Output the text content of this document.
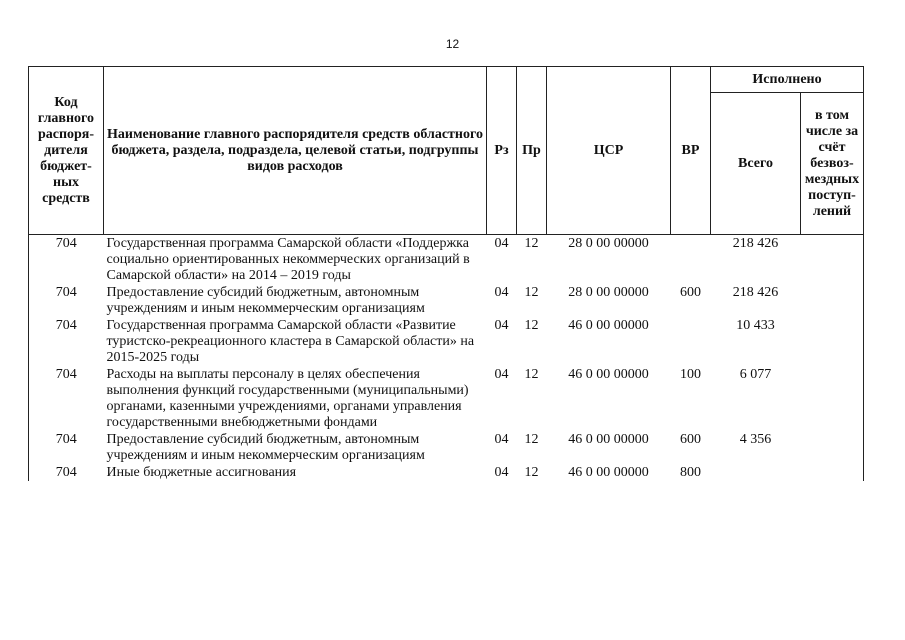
12
Код главного распоря-дителя бюджет-ных средств	Наименование главного распорядителя средств областного бюджета, раздела, подраздела, целевой статьи, подгруппы видов расходов	Рз	Пр	ЦСР	ВР	Исполнено	
						Всего	в том числе за счёт безвоз-мездных поступ-лений
704	Государственная программа Самарской области «Поддержка социально ориентированных некоммерческих организаций в Самарской области» на 2014 – 2019 годы	04	12	28 0 00 00000		218 426	
704	Предоставление субсидий бюджетным, автономным учреждениям и иным некоммерческим организациям	04	12	28 0 00 00000	600	218 426	
704	Государственная программа Самарской области «Развитие туристско-рекреационного кластера в Самарской области» на 2015-2025 годы	04	12	46 0 00 00000		10 433	
704	Расходы на выплаты персоналу в целях обеспечения выполнения функций государственными (муниципальными) органами, казенными учреждениями, органами управления государственными внебюджетными фондами	04	12	46 0 00 00000	100	6 077	
704	Предоставление субсидий бюджетным, автономным учреждениям и иным некоммерческим организациям	04	12	46 0 00 00000	600	4 356	
704	Иные бюджетные ассигнования	04	12	46 0 00 00000	800		
